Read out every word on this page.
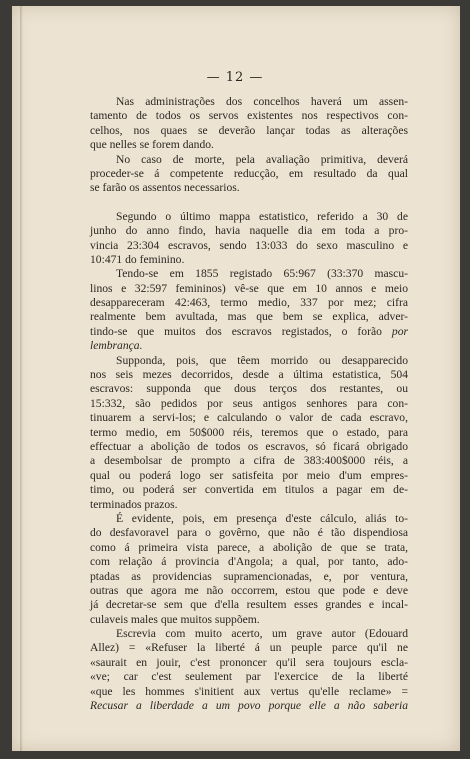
— 12 —
Nas administrações dos concelhos haverá um assen-
tamento de todos os servos existentes nos respectivos con-
celhos, nos quaes se deverão lançar todas as alterações
que nelles se forem dando.
No caso de morte, pela avaliação primitiva, deverá
proceder-se á competente reducção, em resultado da qual
se farão os assentos necessarios.
Segundo o último mappa estatistico, referido a 30 de
junho do anno findo, havia naquelle dia em toda a pro-
vincia 23:304 escravos, sendo 13:033 do sexo masculino e
10:471 do feminino.
Tendo-se em 1855 registado 65:967 (33:370 mascu-
linos e 32:597 femininos) vê-se que em 10 annos e meio
desappareceram 42:463, termo medio, 337 por mez; cifra
realmente bem avultada, mas que bem se explica, adver-
tindo-se que muitos dos escravos registados, o forão por
lembrança.
Supponda, pois, que têem morrido ou desapparecido
nos seis mezes decorridos, desde a última estatistica, 504
escravos: supponda que dous terços dos restantes, ou
15:332, são pedidos por seus antigos senhores para con-
tinuarem a servi-los; e calculando o valor de cada escravo,
termo medio, em 50$000 réis, teremos que o estado, para
effectuar a abolição de todos os escravos, só ficará obrigado
a desembolsar de prompto a cifra de 383:400$000 réis, a
qual ou poderá logo ser satisfeita por meio d'um empres-
timo, ou poderá ser convertida em titulos a pagar em de-
terminados prazos.
É evidente, pois, em presença d'este cálculo, aliás to-
do desfavoravel para o govêrno, que não é tão dispendiosa
como á primeira vista parece, a abolição de que se trata,
com relação á provincia d'Angola; a qual, por tanto, ado-
ptadas as providencias supramencionadas, e, por ventura,
outras que agora me não occorrem, estou que pode e deve
já decretar-se sem que d'ella resultem esses grandes e incal-
culaveis males que muitos suppõem.
Escrevia com muito acerto, um grave autor (Edouard
Allez) = «Refuser la liberté á un peuple parce qu'il ne
«saurait en jouir, c'est prononcer qu'il sera toujours escla-
«ve; car c'est seulement par l'exercice de la liberté
«que les hommes s'initient aux vertus qu'elle reclame» =
Recusar a liberdade a um povo porque elle a não saberia
